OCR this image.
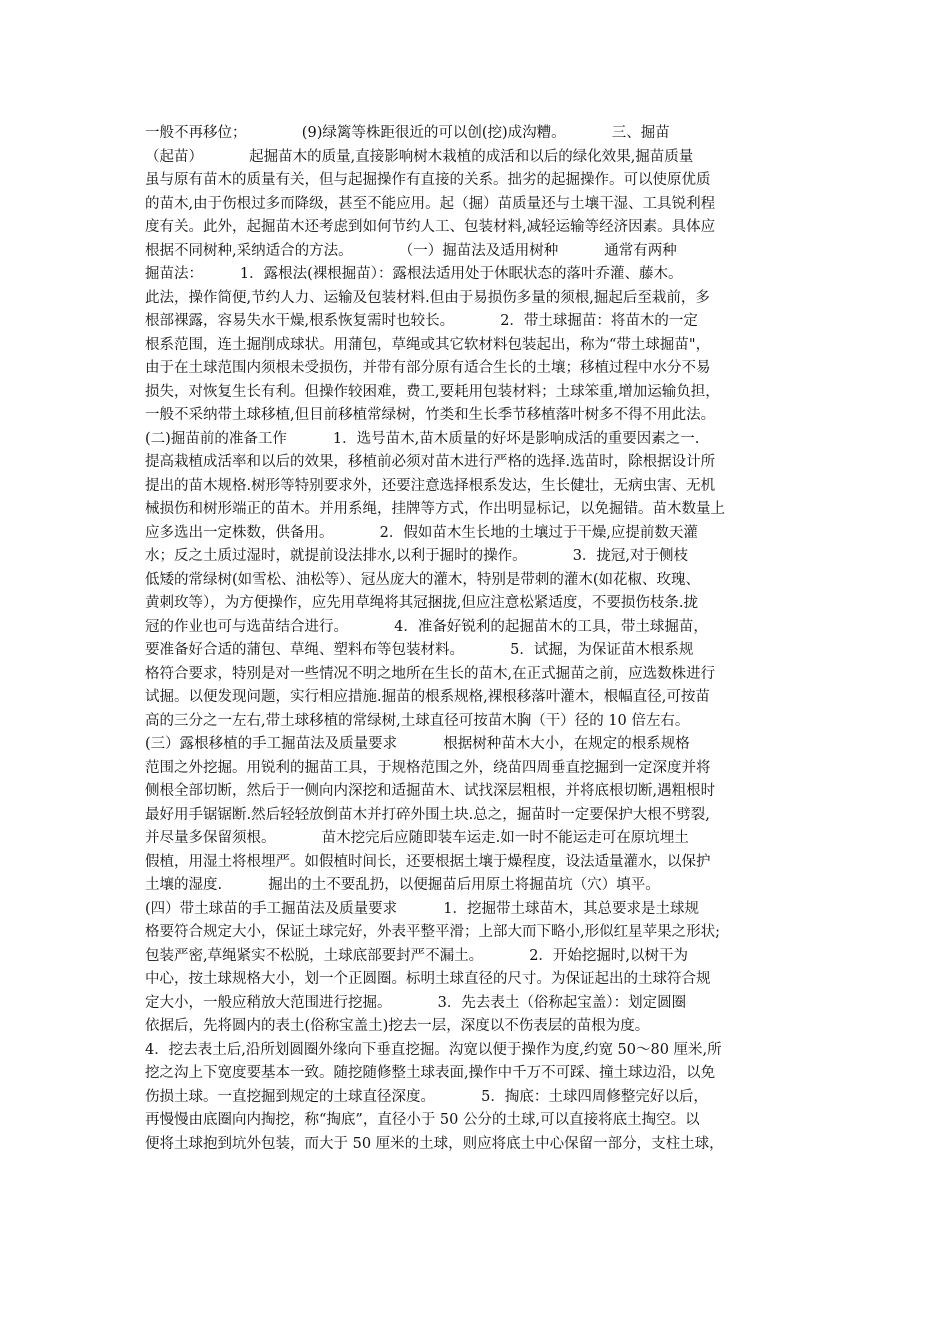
一般不再移位；            (9)绿篱等株距很近的可以创(挖)成沟糟。          三、掘苗
（起苗）          起掘苗木的质量,直接影响树木栽植的成活和以后的绿化效果,掘苗质量
虽与原有苗木的质量有关，但与起掘操作有直接的关系。拙劣的起掘操作。可以使原优质
的苗木,由于伤根过多而降级，甚至不能应用。起（掘）苗质量还与土壤干湿、工具锐利程
度有关。此外，起掘苗木还考虑到如何节约人工、包装材料,减轻运输等经济因素。具体应
根据不同树种,采纳适合的方法。          （一）掘苗法及适用树种          通常有两种
掘苗法：        1．露根法(裸根掘苗）：露根法适用处于休眠状态的落叶乔灌、藤木。
此法，操作简便,节约人力、运输及包装材料.但由于易损伤多量的须根,掘起后至栽前，多
根部裸露，容易失水干燥,根系恢复需时也较长。          2．带土球掘苗：将苗木的一定
根系范围，连土掘削成球状。用蒲包，草绳或其它软材料包装起出，称为“带土球掘苗"，
由于在土球范围内须根未受损伤，并带有部分原有适合生长的土壤；移植过程中水分不易
损失，对恢复生长有利。但操作较困难，费工,要耗用包装材料；土球笨重,增加运输负担，
一般不采纳带土球移植,但目前移植常绿树，竹类和生长季节移植落叶树多不得不用此法。
(二)掘苗前的准备工作          1．选号苗木,苗木质量的好坏是影响成活的重要因素之一.
提高栽植成活率和以后的效果，移植前必须对苗木进行严格的选择.选苗时，除根据设计所
提出的苗木规格.树形等特别要求外，还要注意选择根系发达，生长健壮，无病虫害、无机
械损伤和树形端正的苗木。并用系绳，挂牌等方式，作出明显标记，以免掘错。苗木数量上
应多选出一定株数，供备用。          2．假如苗木生长地的土壤过于干燥,应提前数天灌
水；反之土质过湿时，就提前设法排水,以利于掘时的操作。          3．拢冠,对于侧枝
低矮的常绿树(如雪松、油松等）、冠丛庞大的灌木，特别是带刺的灌木(如花椒、玫瑰、
黄刺玫等），为方便操作，应先用草绳将其冠捆拢,但应注意松紧适度，不要损伤枝条.拢
冠的作业也可与选苗结合进行。          4．准备好锐利的起掘苗木的工具，带土球掘苗，
要准备好合适的蒲包、草绳、塑料布等包装材料。          5．试掘，为保证苗木根系规
格符合要求，特别是对一些情况不明之地所在生长的苗木,在正式掘苗之前，应选数株进行
试掘。以便发现问题，实行相应措施.掘苗的根系规格,裸根移落叶灌木，根幅直径,可按苗
高的三分之一左右,带土球移植的常绿树,土球直径可按苗木胸（干）径的 10 倍左右。
(三）露根移植的手工掘苗法及质量要求          根据树种苗木大小，在规定的根系规格
范围之外挖掘。用锐利的掘苗工具，于规格范围之外，绕苗四周垂直挖掘到一定深度并将
侧根全部切断，然后于一侧向内深挖和适掘苗木、试找深层粗根，并将底根切断,遇粗根时
最好用手锯锯断.然后轻轻放倒苗木并打碎外围土块.总之，掘苗时一定要保护大根不劈裂,
并尽量多保留须根。          苗木挖完后应随即装车运走.如一时不能运走可在原坑埋土
假植，用湿土将根埋严。如假植时间长，还要根据土壤于燥程度，设法适量灌水，以保护
土壤的湿度.          掘出的土不要乱扔，以便掘苗后用原土将掘苗坑（穴）填平。
(四）带土球苗的手工掘苗法及质量要求          1．挖掘带土球苗木，其总要求是土球规
格要符合规定大小，保证土球完好，外表平整平滑；上部大而下略小,形似红星苹果之形状;
包装严密,草绳紧实不松脱，土球底部要封严不漏土。          2．开始挖掘时,以树干为
中心，按土球规格大小，划一个正圆圈。标明土球直径的尺寸。为保证起出的土球符合规
定大小，一般应稍放大范围进行挖掘。          3．先去表土（俗称起宝盖）：划定圆圈
依据后，先将圆内的表土(俗称宝盖土)挖去一层，深度以不伤表层的苗根为度。
4．挖去表土后,沿所划圆圈外缘向下垂直挖掘。沟宽以便于操作为度,约宽 50～80 厘米,所
挖之沟上下宽度要基本一致。随挖随修整土球表面,操作中千万不可踩、撞土球边沿，以免
伤损土球。一直挖掘到规定的土球直径深度。          5．掏底：土球四周修整完好以后，
再慢慢由底圈向内掏挖，称“掏底”，直径小于 50 公分的土球,可以直接将底土掏空。以
便将土球抱到坑外包装，而大于 50 厘米的土球，则应将底土中心保留一部分，支柱土球，
